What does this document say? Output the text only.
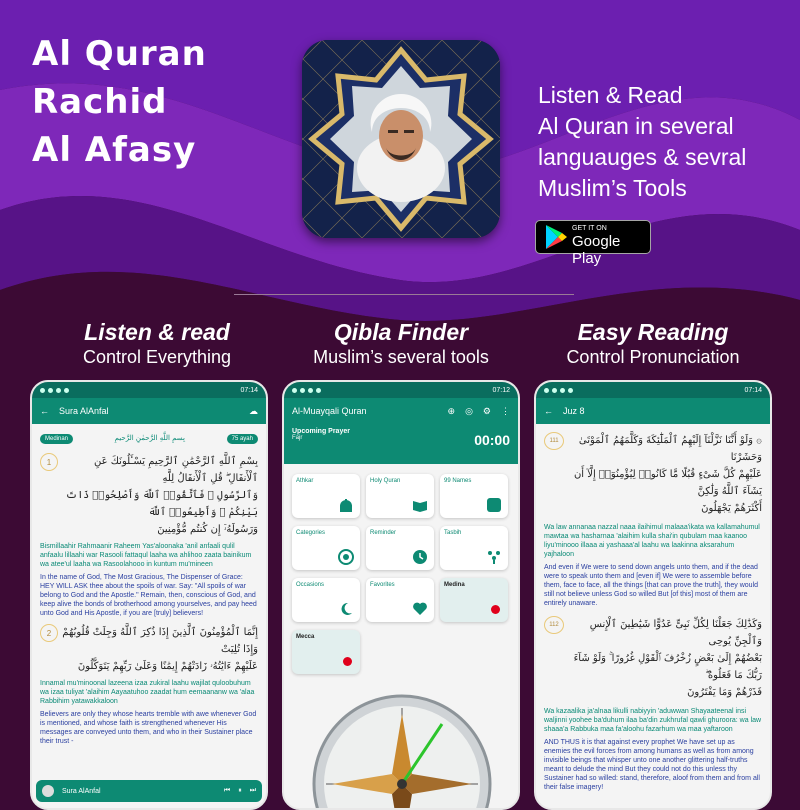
Al Quran
Rachid
Al Afasy
Listen & Read
Al Quran in several
languauges & sevral
Muslim’s Tools
GET IT ON
Google Play
Listen & read
Control Everything
Qibla Finder
Muslim’s several tools
Easy Reading
Control Pronunciation
07:14
← Sura AlAnfal	☁
Medinan	بِسمِ اللَّهِ الرَّحمٰنِ الرَّحيمِ	75 ayah
1	بِسْمِ ٱللَّهِ ٱلرَّحْمَٰنِ ٱلرَّحِيمِ يَسْـَٔلُونَكَ عَنِ ٱلْأَنفَالِ ۖ قُلِ ٱلْأَنفَالُ لِلَّهِ
وَٱلرَّسُولِ ۖ فَٱتَّقُوا۟ ٱللَّهَ وَأَصْلِحُوا۟ ذَاتَ بَيْنِكُمْ ۖ وَأَطِيعُوا۟ ٱللَّهَ
وَرَسُولَهُۥٓ إِن كُنتُم مُّؤْمِنِينَ
Bismillaahir Rahmaanir Raheem Yas'aloonaka 'anil anfaali qulil anfaalu lillaahi war Rasooli fattaqul laaha wa ahlihoo zaata bainikum wa atee'ul laaha wa Rasoolahooo in kuntum mu'mineen
In the name of God, The Most Gracious, The Dispenser of Grace: HEY WILL ASK thee about the spoils of war. Say: "All spoils of war belong to God and the Apostle." Remain, then, conscious of God, and keep alive the bonds of brotherhood among yourselves, and pay heed unto God and His Apostle, if you are [truly] believers!
2	إِنَّمَا ٱلْمُؤْمِنُونَ ٱلَّذِينَ إِذَا ذُكِرَ ٱللَّهُ وَجِلَتْ قُلُوبُهُمْ وَإِذَا تُلِيَتْ
عَلَيْهِمْ ءَايَٰتُهُۥ زَادَتْهُمْ إِيمَٰنًا وَعَلَىٰ رَبِّهِمْ يَتَوَكَّلُونَ
Innamal mu'minoonal lazeena izaa zukiral laahu wajilat quloobuhum wa izaa tuliyat 'alaihim Aayaatuhoo zaadat hum eemaananw wa 'alaa Rabbihim yatawakkaloon
Believers are only they whose hearts tremble with awe whenever God is mentioned, and whose faith is strengthened whenever His messages are conveyed unto them, and who in their Sustainer place their trust -
Sura AlAnfal	⏮ ⏸ ⏭
07:12
Al-Muayqali Quran	⊕ ◎ ⚙ ⋮
Upcoming Prayer
Fajr	00:00
Athkar	Holy Quran	99 Names
Categories	Reminder	Tasbih
Occasions	Favorites	Medina
Mecca
07:14
← Juz 8
111	۞ وَلَوْ أَنَّنَا نَزَّلْنَآ إِلَيْهِمُ ٱلْمَلَٰٓئِكَةَ وَكَلَّمَهُمُ ٱلْمَوْتَىٰ وَحَشَرْنَا
عَلَيْهِمْ كُلَّ شَىْءٍ قُبُلًا مَّا كَانُوا۟ لِيُؤْمِنُوٓا۟ إِلَّآ أَن يَشَآءَ ٱللَّهُ وَلَٰكِنَّ
أَكْثَرَهُمْ يَجْهَلُونَ
Wa law annanaa nazzal naaa ilaihimul malaaa'ikata wa kallamahumul mawtaa wa hasharnaa 'alaihim kulla shai'in qubulam maa kaanoo liyu'minooo illaaa ai yashaaa'al laahu wa laakinna aksarahum yajhaloon
And even if We were to send down angels unto them, and if the dead were to speak unto them and [even if] We were to assemble before them, face to face, all the things [that can prove the truth], they would still not believe unless God so willed But [of this] most of them are entirely unaware.
112	وَكَذَٰلِكَ جَعَلْنَا لِكُلِّ نَبِىٍّ عَدُوًّا شَيَٰطِينَ ٱلْإِنسِ وَٱلْجِنِّ يُوحِى
بَعْضُهُمْ إِلَىٰ بَعْضٍ زُخْرُفَ ٱلْقَوْلِ غُرُورًا ۚ وَلَوْ شَآءَ رَبُّكَ مَا فَعَلُوهُ ۖ
فَذَرْهُمْ وَمَا يَفْتَرُونَ
Wa kazaalika ja'alnaa likulli nabiyyin 'aduwwan Shayaateenal insi waljinni yoohee ba'duhum ilaa ba'din zukhrufal qawli ghuroora: wa law shaaa'a Rabbuka maa fa'aloohu fazarhum wa maa yaftaroon
AND THUS it is that against every prophet We have set up as enemies the evil forces from among humans as well as from among invisible beings that whisper unto one another glittering half-truths meant to delude the mind But they could not do this unless thy Sustainer had so willed: stand, therefore, aloof from them and from all their false imagery!
